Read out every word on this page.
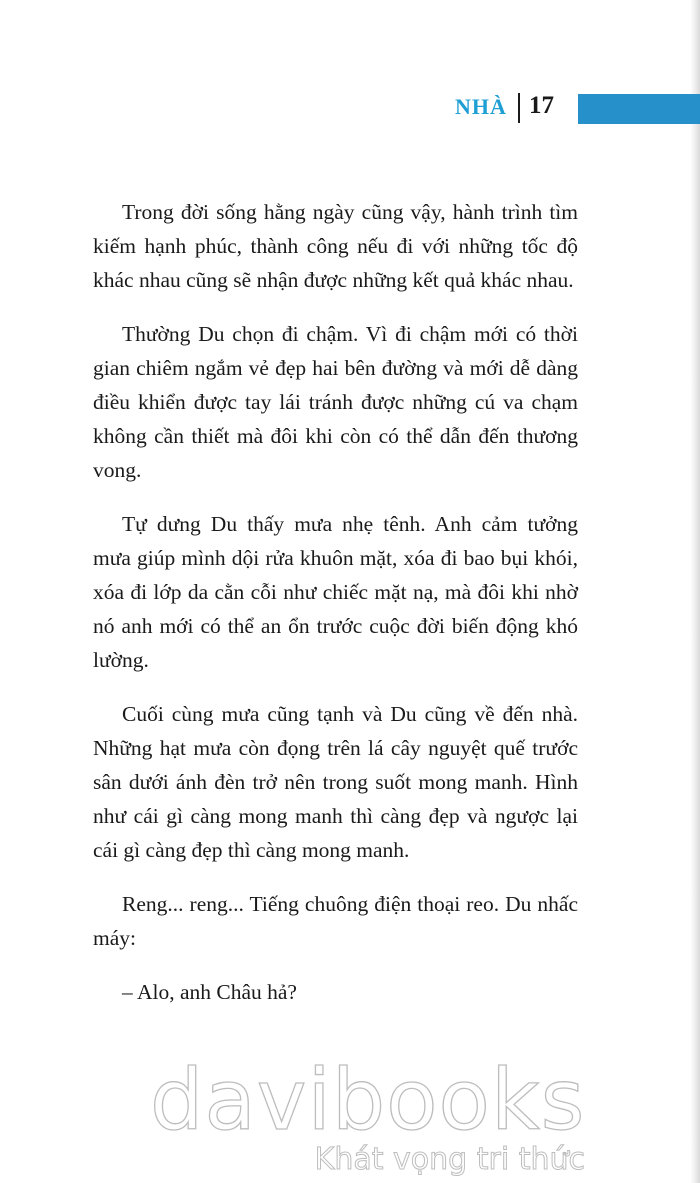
NHÀ 17

Trong đời sống hằng ngày cũng vậy, hành trình tìm kiếm hạnh phúc, thành công nếu đi với những tốc độ khác nhau cũng sẽ nhận được những kết quả khác nhau.

Thường Du chọn đi chậm. Vì đi chậm mới có thời gian chiêm ngắm vẻ đẹp hai bên đường và mới dễ dàng điều khiển được tay lái tránh được những cú va chạm không cần thiết mà đôi khi còn có thể dẫn đến thương vong.

Tự dưng Du thấy mưa nhẹ tênh. Anh cảm tưởng mưa giúp mình dội rửa khuôn mặt, xóa đi bao bụi khói, xóa đi lớp da cằn cỗi như chiếc mặt nạ, mà đôi khi nhờ nó anh mới có thể an ổn trước cuộc đời biến động khó lường.

Cuối cùng mưa cũng tạnh và Du cũng về đến nhà. Những hạt mưa còn đọng trên lá cây nguyệt quế trước sân dưới ánh đèn trở nên trong suốt mong manh. Hình như cái gì càng mong manh thì càng đẹp và ngược lại cái gì càng đẹp thì càng mong manh.

Reng... reng... Tiếng chuông điện thoại reo. Du nhấc máy:

– Alo, anh Châu hả?

davibooks
Khát vọng tri thức
